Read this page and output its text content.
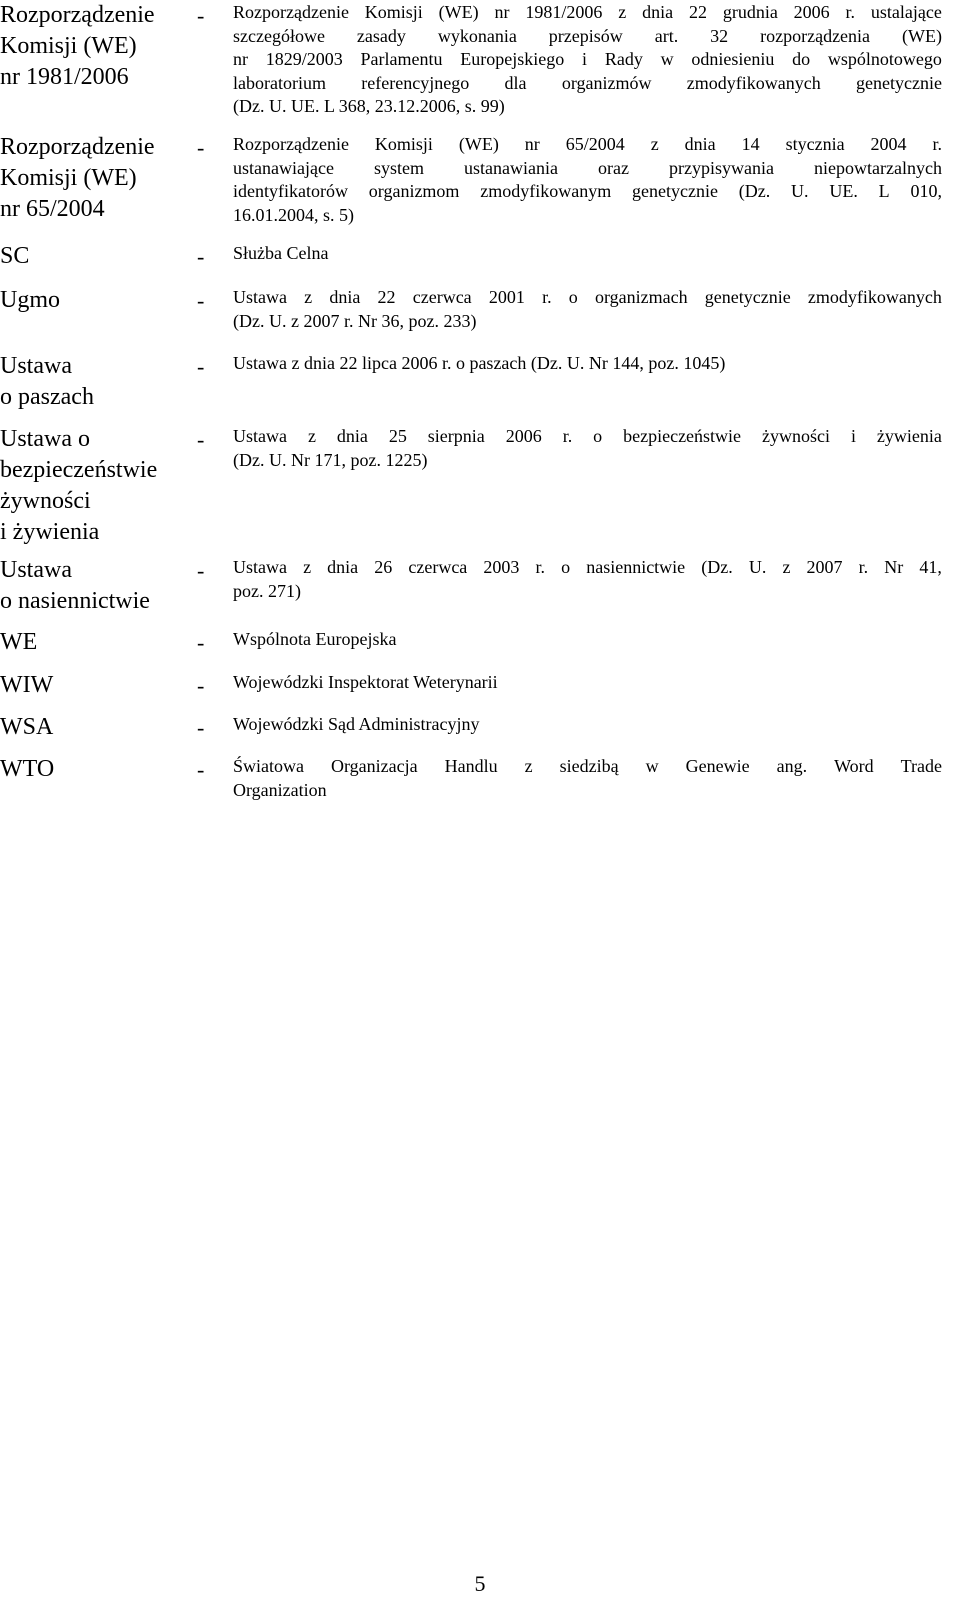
Rozporządzenie
Komisji (WE)
nr 1981/2006
- Rozporządzenie Komisji (WE) nr 1981/2006 z dnia 22 grudnia 2006 r. ustalające
szczegółowe zasady wykonania przepisów art. 32 rozporządzenia (WE)
nr 1829/2003 Parlamentu Europejskiego i Rady w odniesieniu do wspólnotowego
laboratorium referencyjnego dla organizmów zmodyfikowanych genetycznie
(Dz. U. UE. L 368, 23.12.2006, s. 99)
Rozporządzenie
Komisji (WE)
nr 65/2004
- Rozporządzenie Komisji (WE) nr 65/2004 z dnia 14 stycznia 2004 r.
ustanawiające system ustanawiania oraz przypisywania niepowtarzalnych
identyfikatorów organizmom zmodyfikowanym genetycznie (Dz. U. UE. L 010,
16.01.2004, s. 5)
SC	- Służba Celna
Ugmo	- Ustawa z dnia 22 czerwca 2001 r. o organizmach genetycznie zmodyfikowanych
(Dz. U. z 2007 r. Nr 36, poz. 233)
Ustawa
o paszach
- Ustawa z dnia 22 lipca 2006 r. o paszach (Dz. U. Nr 144, poz. 1045)
Ustawa o
bezpieczeństwie
żywności
i żywienia
- Ustawa z dnia 25 sierpnia 2006 r. o bezpieczeństwie żywności i żywienia
(Dz. U. Nr 171, poz. 1225)
Ustawa
o nasiennictwie
- Ustawa z dnia 26 czerwca 2003 r. o nasiennictwie (Dz. U. z 2007 r. Nr 41,
poz. 271)
WE	- Wspólnota Europejska
WIW	- Wojewódzki Inspektorat Weterynarii
WSA	- Wojewódzki Sąd Administracyjny
WTO	- Światowa Organizacja Handlu z siedzibą w Genewie ang. Word Trade
Organization
5
